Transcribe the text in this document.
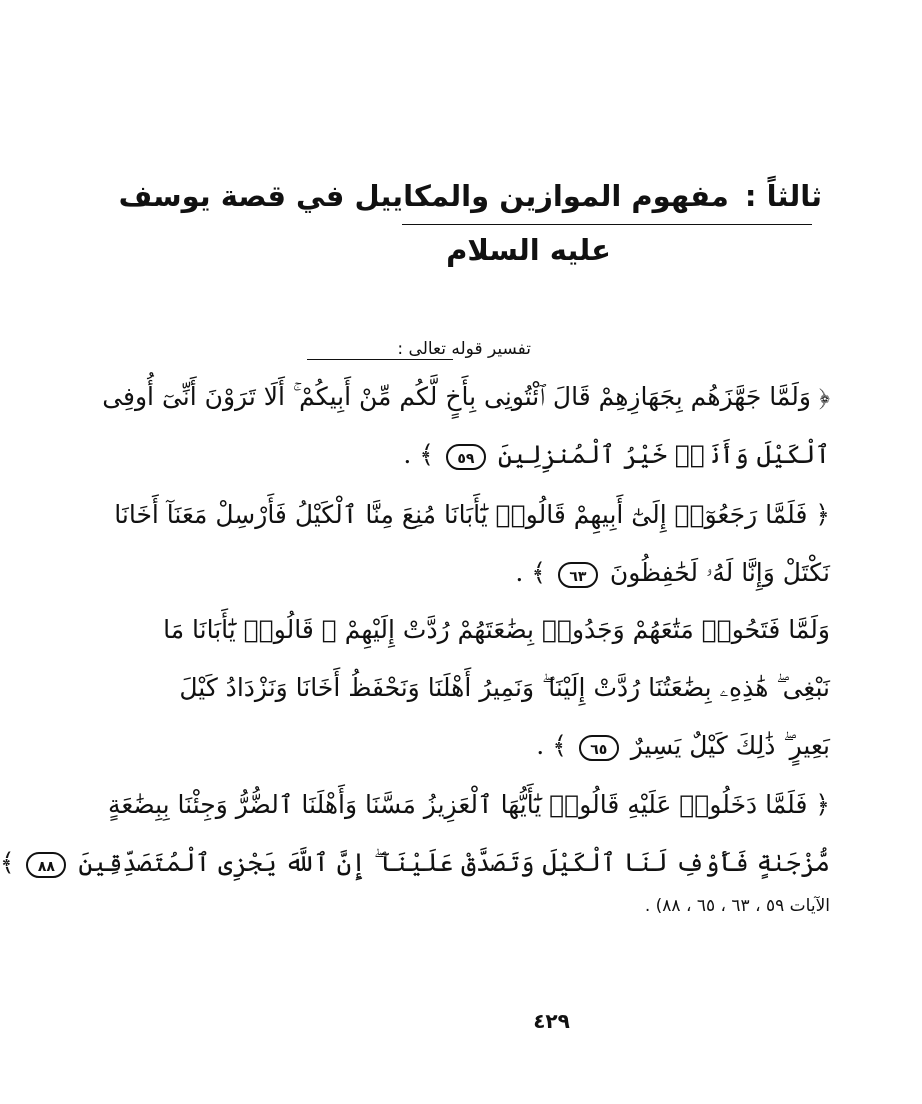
ثالثاً : مفهوم الموازين والمكاييل في قصة يوسف
عليه السلام
تفسير قوله تعالى :
﴿ وَلَمَّا جَهَّزَهُم بِجَهَازِهِمْ قَالَ ٱئْتُونِى بِأَخٍ لَّكُم مِّنْ أَبِيكُمْ ۚ أَلَا تَرَوْنَ أَنِّىٓ أُوفِى
ٱلْكَيْلَ وَأَنَا۠ خَيْرُ ٱلْمُنزِلِينَ ٥٩ ﴾ .
﴿ فَلَمَّا رَجَعُوٓا۟ إِلَىٰٓ أَبِيهِمْ قَالُوا۟ يَٰٓأَبَانَا مُنِعَ مِنَّا ٱلْكَيْلُ فَأَرْسِلْ مَعَنَآ أَخَانَا
نَكْتَلْ وَإِنَّا لَهُۥ لَحَٰفِظُونَ ٦٣ ﴾ .
وَلَمَّا فَتَحُوا۟ مَتَٰعَهُمْ وَجَدُوا۟ بِضَٰعَتَهُمْ رُدَّتْ إِلَيْهِمْ ۖ قَالُوا۟ يَٰٓأَبَانَا مَا
نَبْغِى ۖ هَٰذِهِۦ بِضَٰعَتُنَا رُدَّتْ إِلَيْنَا ۖ وَنَمِيرُ أَهْلَنَا وَنَحْفَظُ أَخَانَا وَنَزْدَادُ كَيْلَ
بَعِيرٍ ۖ ذَٰلِكَ كَيْلٌ يَسِيرٌ ٦٥ ﴾ .
﴿ فَلَمَّا دَخَلُوا۟ عَلَيْهِ قَالُوا۟ يَٰٓأَيُّهَا ٱلْعَزِيزُ مَسَّنَا وَأَهْلَنَا ٱلضُّرُّ وَجِئْنَا بِبِضَٰعَةٍ
مُّزْجَىٰةٍ فَأَوْفِ لَنَا ٱلْكَيْلَ وَتَصَدَّقْ عَلَيْنَآ ۖ إِنَّ ٱللَّهَ يَجْزِى ٱلْمُتَصَدِّقِينَ ٨٨ ﴾
الآيات ٥٩ ، ٦٣ ، ٦٥ ، ٨٨) .
٤٢٩
